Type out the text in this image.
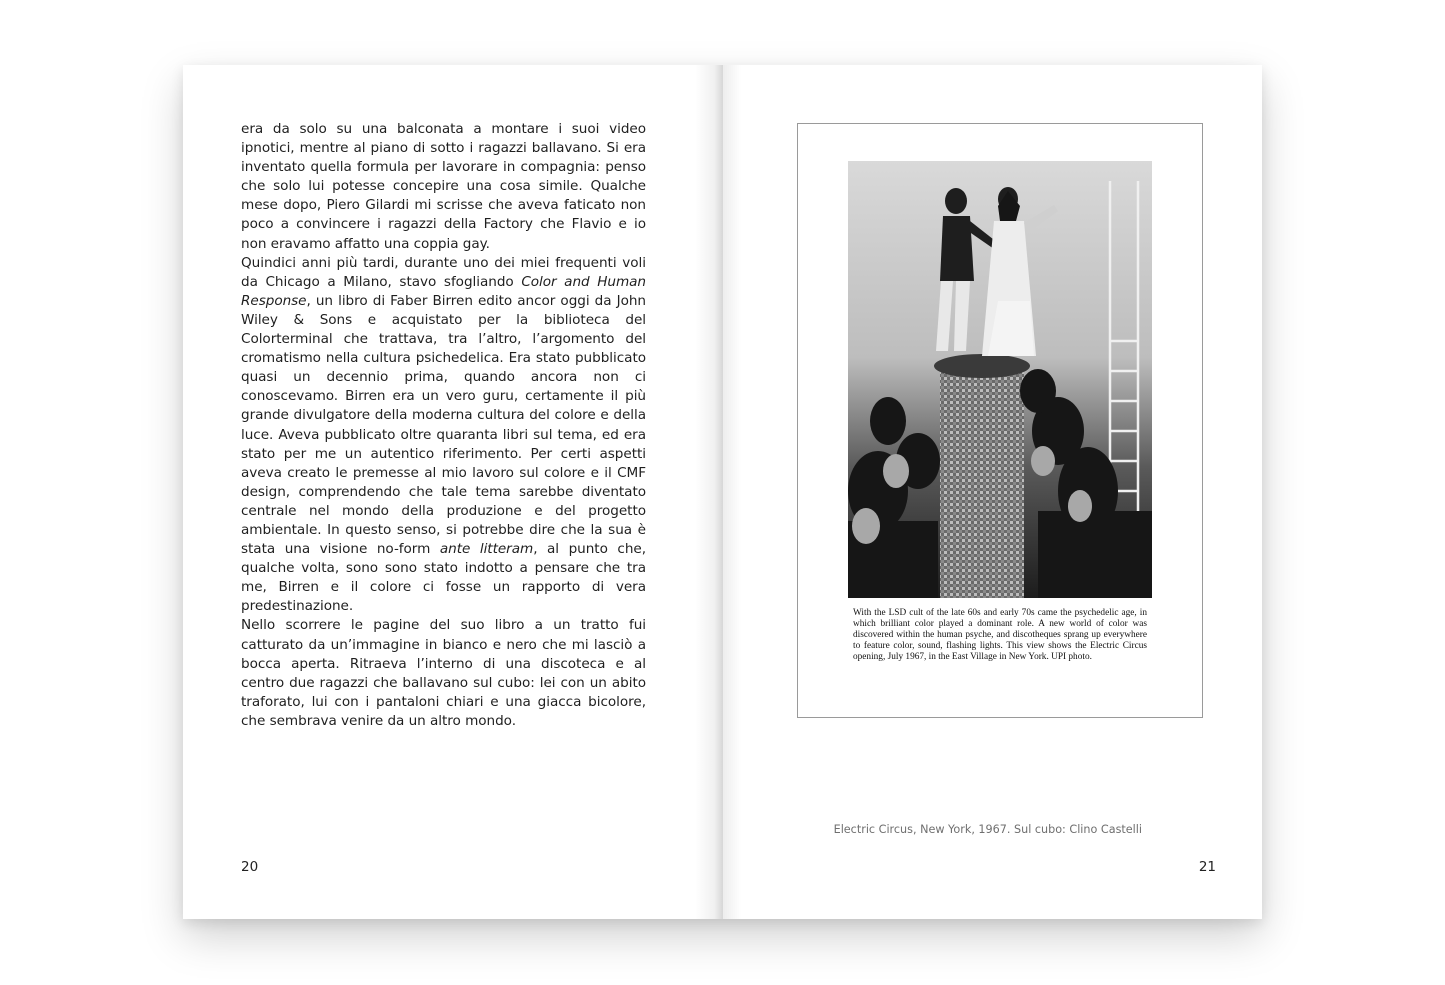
era da solo su una balconata a montare i suoi video ipnotici, mentre al piano di sotto i ragazzi ballavano. Si era inventato quella formula per lavorare in compagnia: penso che solo lui potesse concepire una cosa simile. Qualche mese dopo, Piero Gilardi mi scrisse che aveva faticato non poco a convincere i ragazzi della Factory che Flavio e io non eravamo affatto una coppia gay.

Quindici anni più tardi, durante uno dei miei frequenti voli da Chicago a Milano, stavo sfogliando Color and Human Response, un libro di Faber Birren edito ancor oggi da John Wiley & Sons e acquistato per la biblioteca del Colorterminal che trattava, tra l’altro, l’argomento del cromatismo nella cultura psichedelica. Era stato pubblicato quasi un decennio prima, quando ancora non ci conoscevamo. Birren era un vero guru, certamente il più grande divulgatore della moderna cultura del colore e della luce. Aveva pubblicato oltre quaranta libri sul tema, ed era stato per me un autentico riferimento. Per certi aspetti aveva creato le premesse al mio lavoro sul colore e il CMF design, comprendendo che tale tema sarebbe diventato centrale nel mondo della produzione e del progetto ambientale. In questo senso, si potrebbe dire che la sua è stata una visione no-form ante litteram, al punto che, qualche volta, sono sono stato indotto a pensare che tra me, Birren e il colore ci fosse un rapporto di vera predestinazione.

Nello scorrere le pagine del suo libro a un tratto fui catturato da un’immagine in bianco e nero che mi lasciò a bocca aperta. Ritraeva l’interno di una discoteca e al centro due ragazzi che ballavano sul cubo: lei con un abito traforato, lui con i pantaloni chiari e una giacca bicolore, che sembrava venire da un altro mondo.

20
With the LSD cult of the late 60s and early 70s came the psychedelic age, in which brilliant color played a dominant role. A new world of color was discovered within the human psyche, and discotheques sprang up everywhere to feature color, sound, flashing lights. This view shows the Electric Circus opening, July 1967, in the East Village in New York. UPI photo.
Electric Circus, New York, 1967. Sul cubo: Clino Castelli
21
